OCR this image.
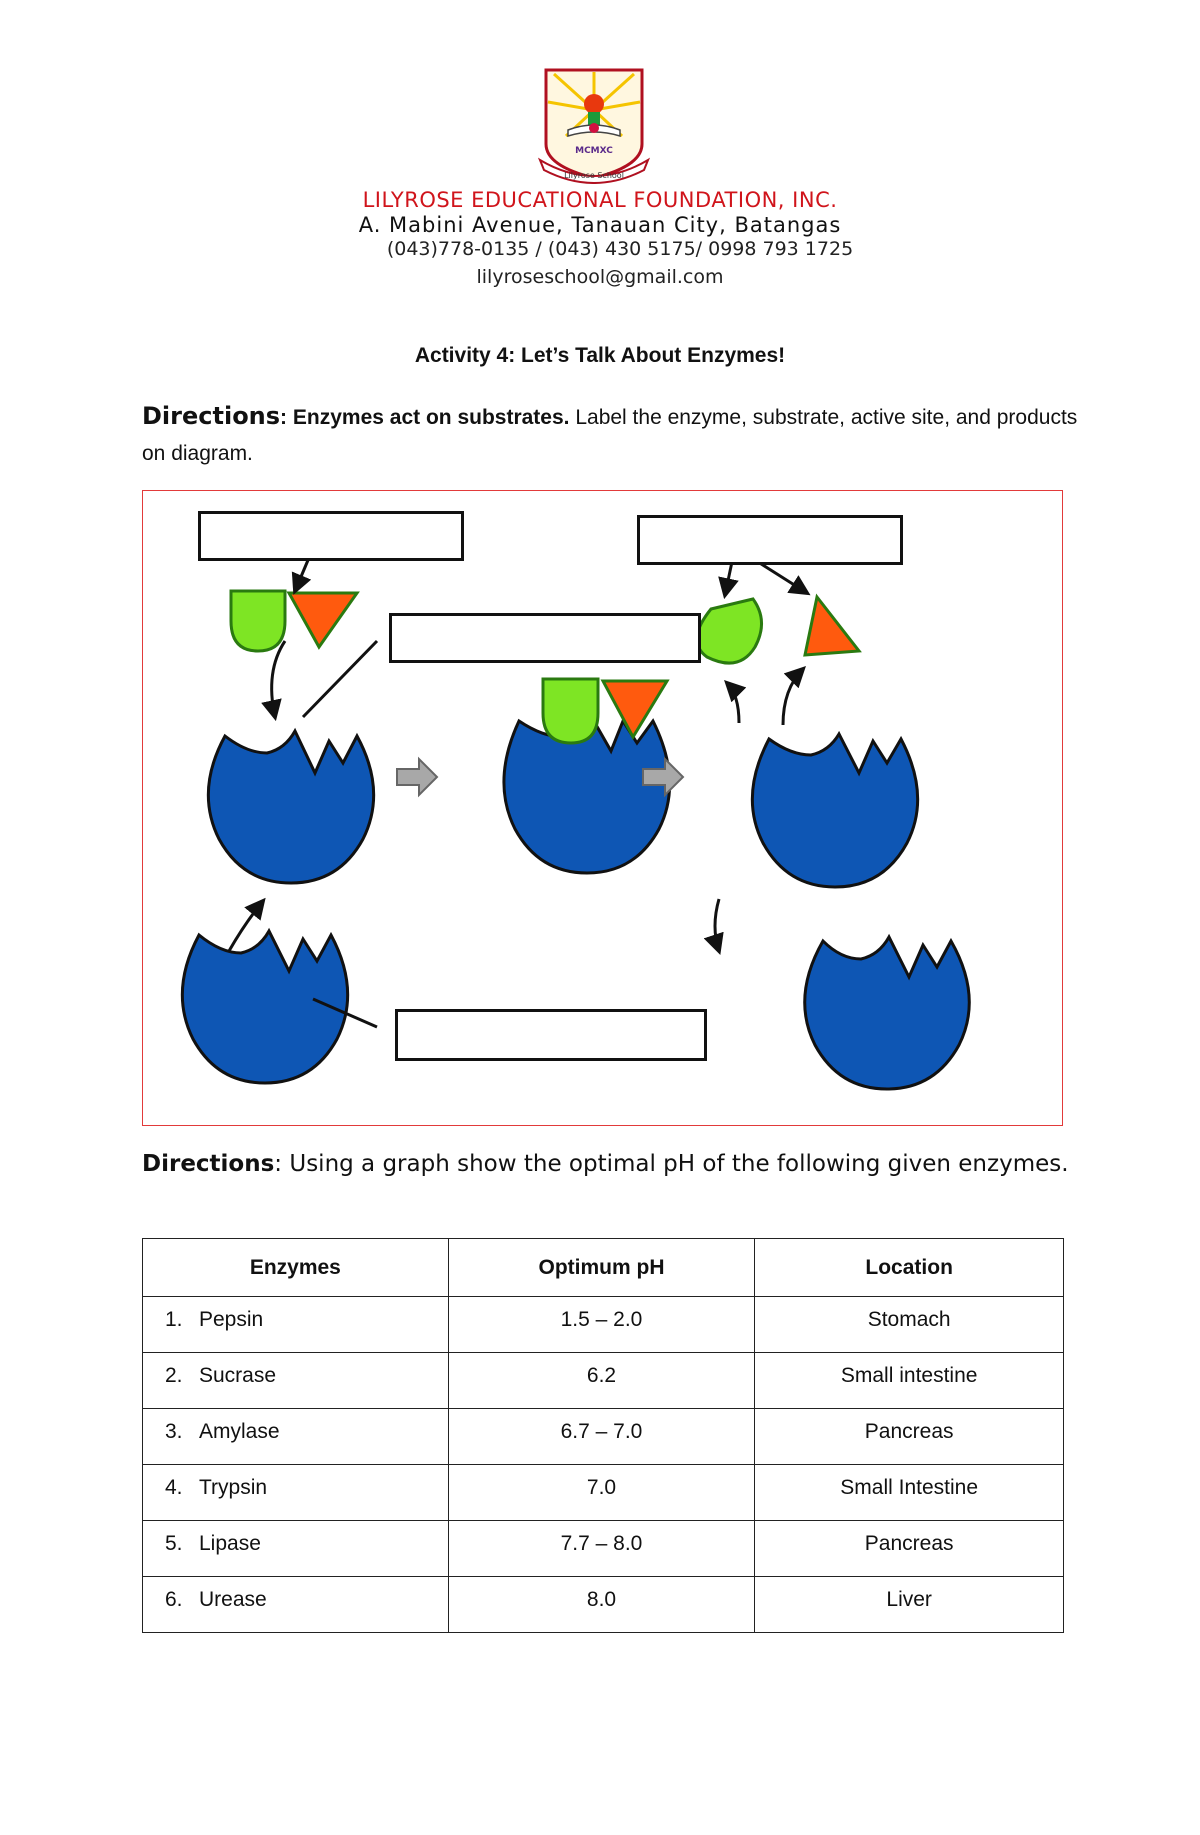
MCMXC
Lilyrose School
LILYROSE EDUCATIONAL FOUNDATION, INC.
A. Mabini Avenue, Tanauan City, Batangas
(043)778-0135 / (043) 430 5175/ 0998 793 1725
lilyroseschool@gmail.com
Activity 4: Let’s Talk About Enzymes!
Directions: Enzymes act on substrates. Label the enzyme, substrate, active site, and products on diagram.
Directions: Using a graph show the optimal pH of the following given enzymes.
Enzymes	Optimum pH	Location
1. Pepsin	1.5 – 2.0	Stomach
2. Sucrase	6.2	Small intestine
3. Amylase	6.7 – 7.0	Pancreas
4. Trypsin	7.0	Small Intestine
5. Lipase	7.7 – 8.0	Pancreas
6. Urease	8.0	Liver
